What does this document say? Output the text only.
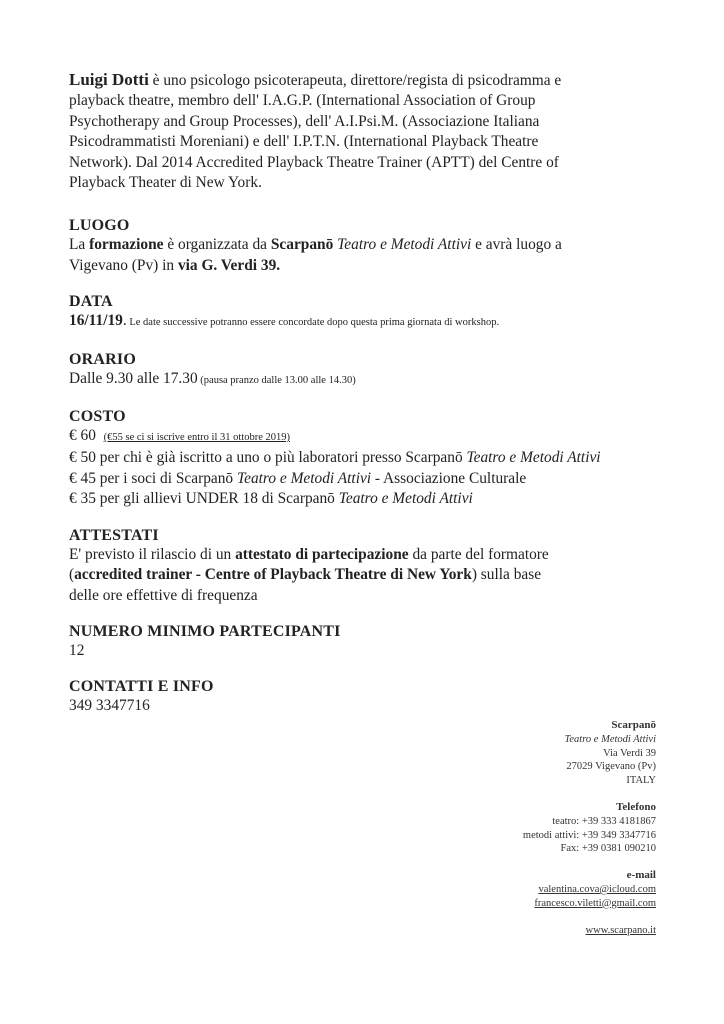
Luigi Dotti è uno psicologo psicoterapeuta, direttore/regista di psicodramma e
playback theatre, membro dell' I.A.G.P. (International Association of Group
Psychotherapy and Group Processes), dell' A.I.Psi.M. (Associazione Italiana
Psicodrammatisti Moreniani) e dell' I.P.T.N. (International Playback Theatre
Network). Dal 2014 Accredited Playback Theatre Trainer (APTT) del Centre of
Playback Theater di New York.
LUOGO
La formazione è organizzata da Scarpanō Teatro e Metodi Attivi e avrà luogo a
Vigevano (Pv) in via G. Verdi 39.
DATA
16/11/19. Le date successive potranno essere concordate dopo questa prima giornata di workshop.
ORARIO
Dalle 9.30 alle 17.30 (pausa pranzo dalle 13.00 alle 14.30)
COSTO
€ 60 (€55 se ci si iscrive entro il 31 ottobre 2019)
€ 50 per chi è già iscritto a uno o più laboratori presso Scarpanō Teatro e Metodi Attivi
€ 45 per i soci di Scarpanō Teatro e Metodi Attivi - Associazione Culturale
€ 35 per gli allievi UNDER 18 di Scarpanō Teatro e Metodi Attivi
ATTESTATI
E' previsto il rilascio di un attestato di partecipazione da parte del formatore
(accredited trainer - Centre of Playback Theatre di New York) sulla base
delle ore effettive di frequenza
NUMERO MINIMO PARTECIPANTI
12
CONTATTI E INFO
349 3347716
Scarpanō
Teatro e Metodi Attivi
Via Verdi 39
27029 Vigevano (Pv)
ITALY
Telefono
teatro: +39 333 4181867
metodi attivi: +39 349 3347716
Fax: +39 0381 090210
e-mail
valentina.cova@icloud.com
francesco.viletti@gmail.com
www.scarpano.it
